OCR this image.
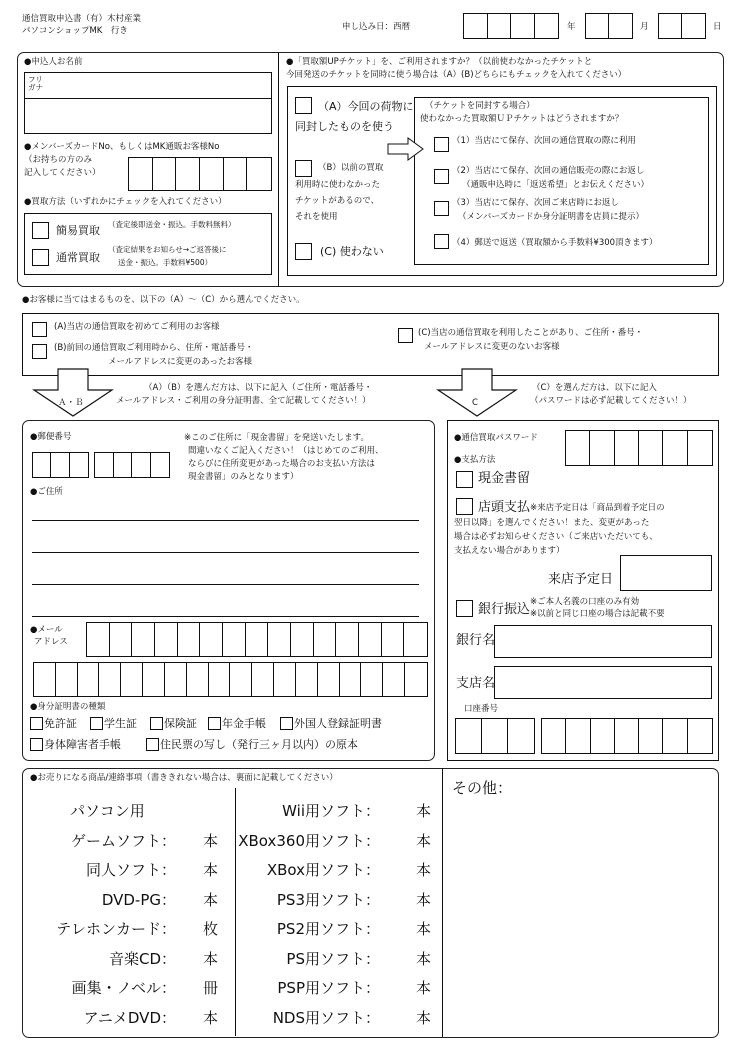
通信買取申込書（有）木村産業
パソコンショップMK　行き	申し込み日：西暦	年	月	日
●申込人お名前
フリ
ガナ
●メンバーズカードNo、もしくはMK通販お客様No
（お持ちの方のみ
記入してください）
●買取方法（いずれかにチェックを入れてください）
簡易買取 （査定後即送金・振込。手数料無料）
通常買取
（査定結果をお知らせ→ご返答後に
送金・振込。手数料¥500）
●「買取額UPチケット」を、ご利用されますか？（以前使わなかったチケットと
今回発送のチケットを同時に使う場合は（A）(B)どちらにもチェックを入れてください）
（A）今回の荷物に
同封したものを使う
（B）以前の買取
利用時に使わなかった
チケットがあるので、
それを使用
(C) 使わない
（チケットを同封する場合）
使わなかった買取額ＵＰチケットはどうされますか？
（1）当店にて保存、次回の通信買取の際に利用
（2）当店にて保存、次回の通信販売の際にお返し
（通販申込時に「返送希望」とお伝えください）
（3）当店にて保存、次回ご来店時にお返し
（メンバーズカードか身分証明書を店員に提示）
（4）郵送で返送（買取額から手数料¥300頂きます）
●お客様に当てはまるものを、以下の（A）～（C）から選んでください。
(A)当店の通信買取を初めてご利用のお客様
(B)前回の通信買取ご利用時から、住所・電話番号・
メールアドレスに変更のあったお客様
(C)当店の通信買取を利用したことがあり、ご住所・番号・
メールアドレスに変更のないお客様
Ａ・Ｂ
（A）（B）を選んだ方は、以下に記入（ご住所・電話番号・
メールアドレス・ご利用の身分証明書、全て記載してください！）	C
（C）を選んだ方は、以下に記入
（パスワードは必ず記載してください！）
●郵便番号	※このご住所に「現金書留」を発送いたします。
間違いなくご記入ください！（はじめてのご利用、
ならびに住所変更があった場合のお支払い方法は
現金書留」のみとなります）
●ご住所
●メール
アドレス
●身分証明書の種類
免許証 学生証 保険証 年金手帳	外国人登録証明書
身体障害者手帳	住民票の写し（発行三ヶ月以内）の原本
●通信買取パスワード
●支払方法
現金書留
店頭支払 ※来店予定日は「商品到着予定日の
翌日以降」を選んでください！また、変更があった
場合は必ずお知らせください（ご来店いただいても、
支払えない場合があります）
来店予定日
銀行振込 ※ご本人名義の口座のみ有効
※以前と同じ口座の場合は記載不要
銀行名
支店名
口座番号
●お売りになる商品/連絡事項（書ききれない場合は、裏面に記載してください）
その他：
パソコン用
ゲームソフト： 本
同人ソフト： 本
DVD-PG： 本
テレホンカード： 枚
音楽CD： 本
画集・ノベル： 冊
アニメDVD： 本
Wii用ソフト： 本
XBox360用ソフト： 本
XBox用ソフト： 本
PS3用ソフト： 本
PS2用ソフト： 本
PS用ソフト： 本
PSP用ソフト： 本
NDS用ソフト： 本
